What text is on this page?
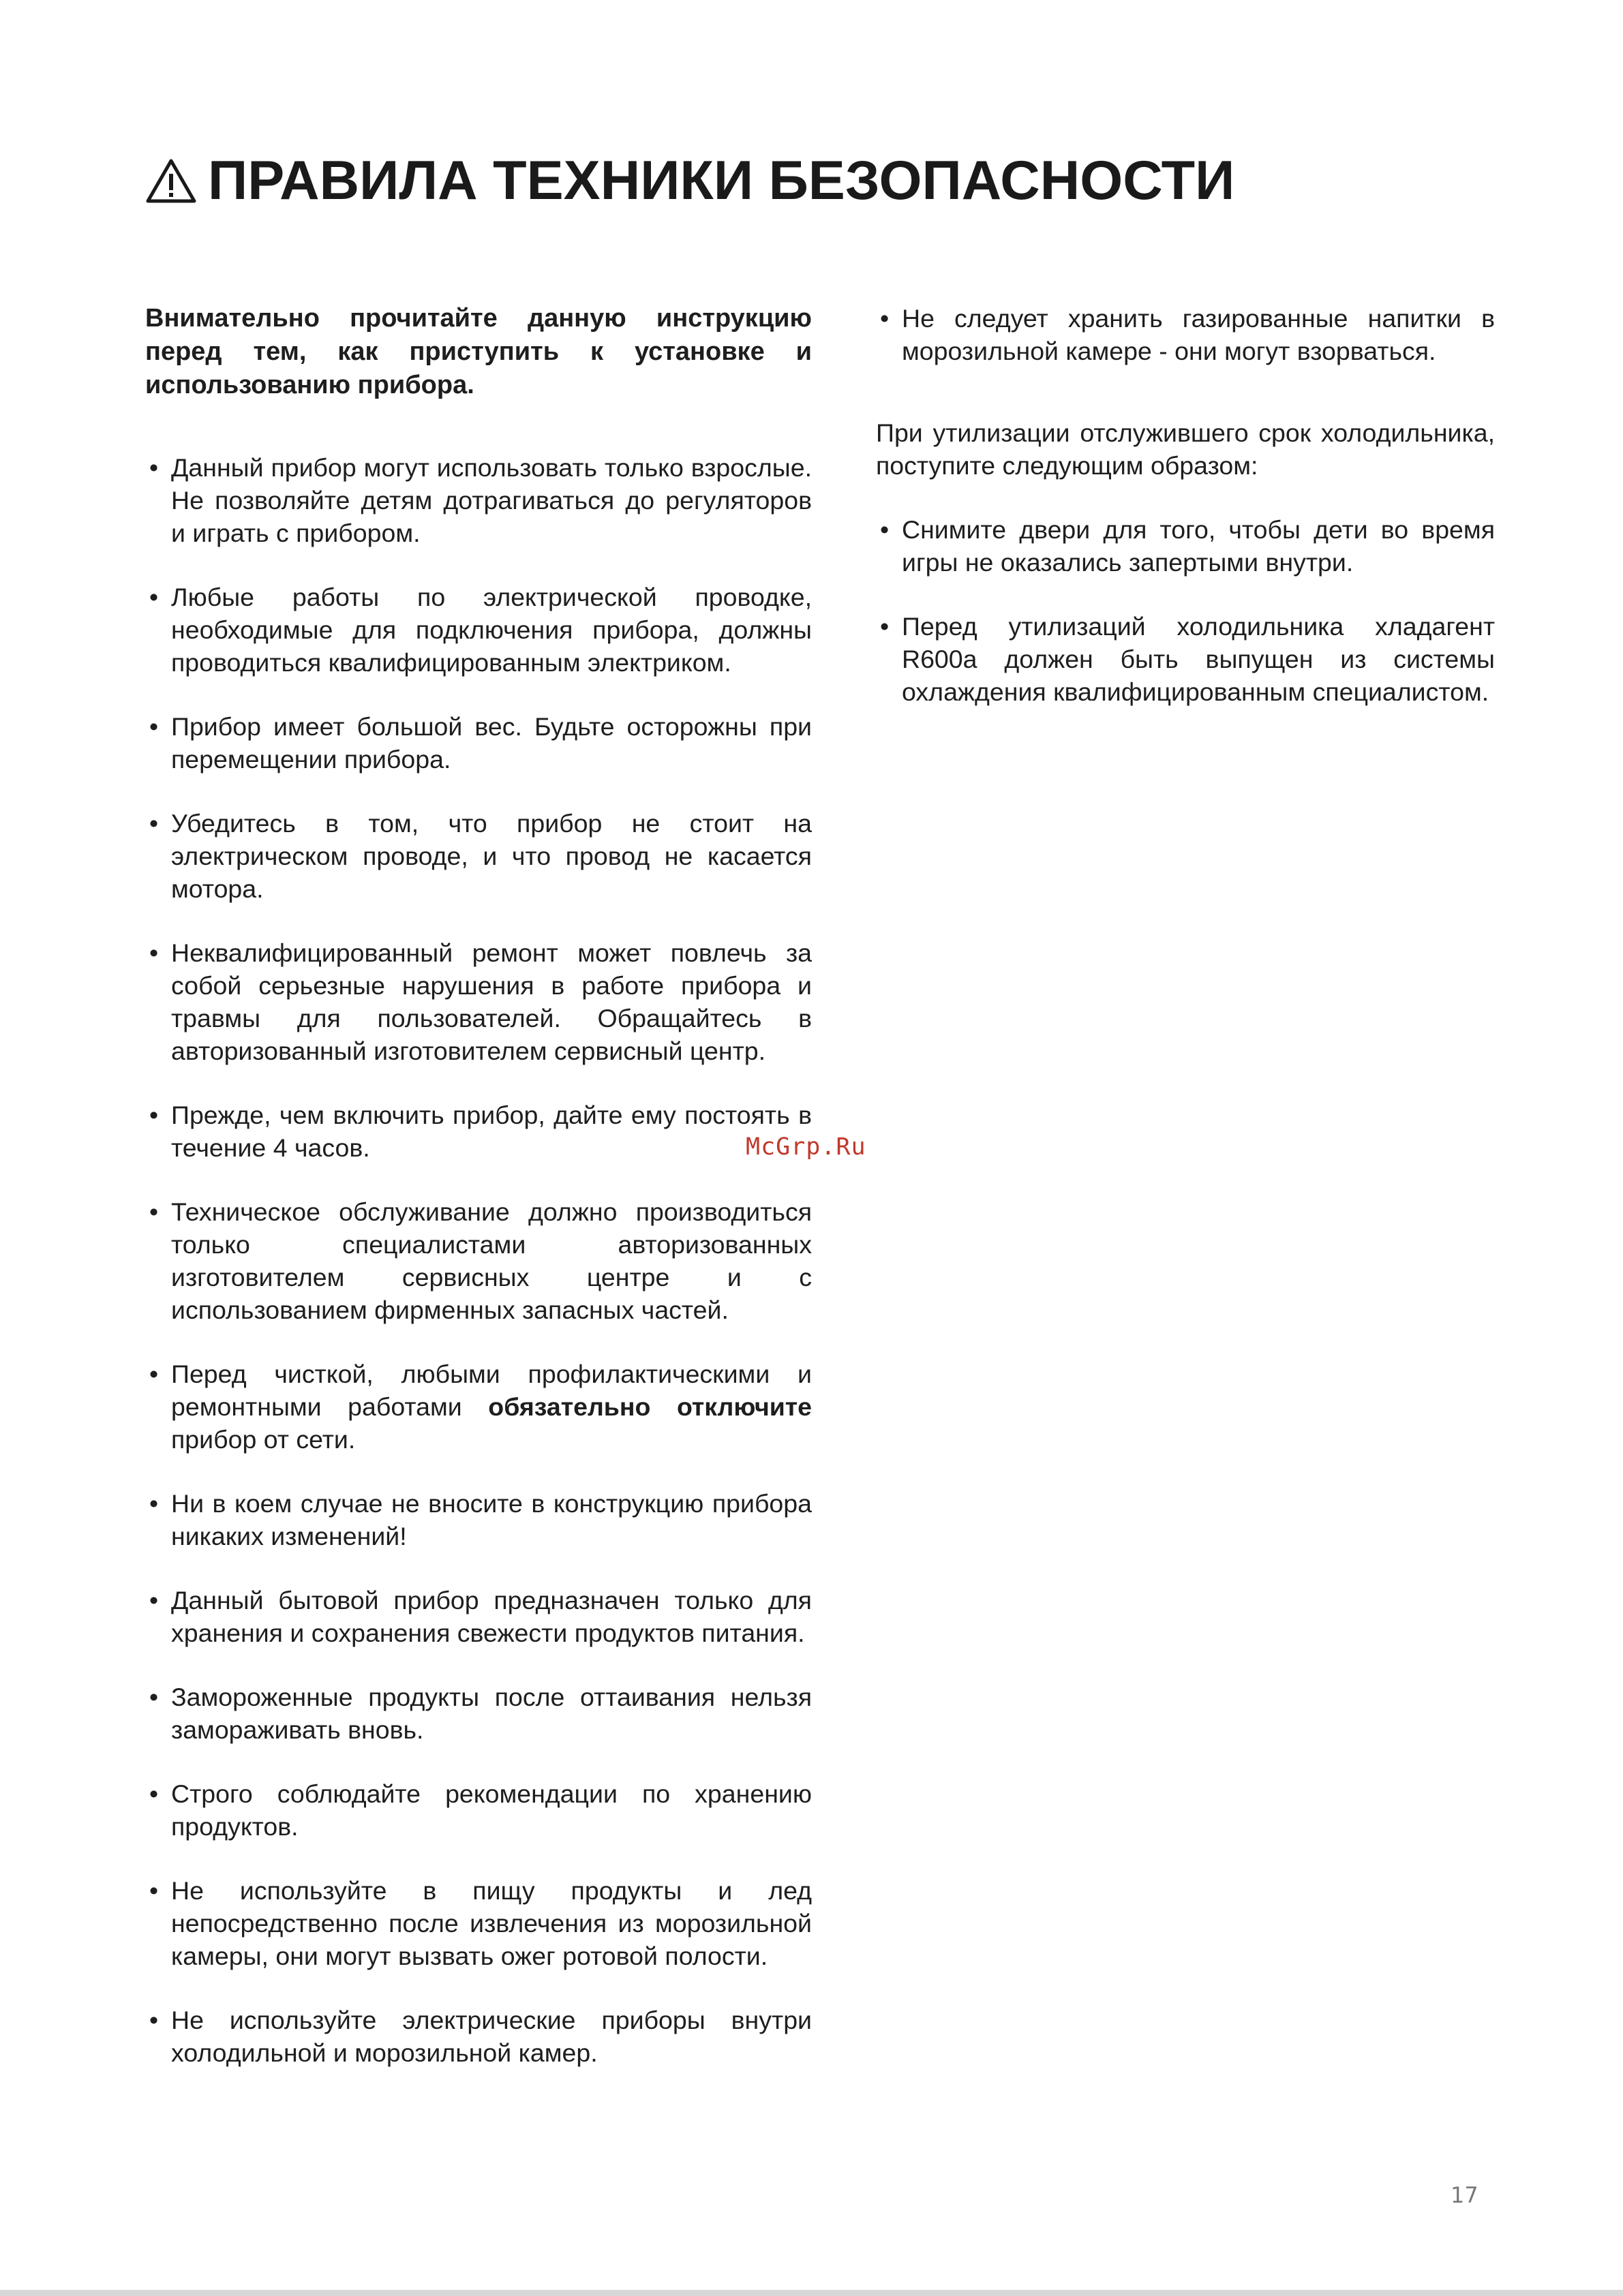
ПРАВИЛА ТЕХНИКИ БЕЗОПАСНОСТИ

Внимательно прочитайте данную инструкцию перед тем, как приступить к установке и использованию прибора.

• Данный прибор могут использовать только взрослые. Не позволяйте детям дотрагиваться до регуляторов и играть с прибором.
• Любые работы по электрической проводке, необходимые для подключения прибора, должны проводиться квалифицированным электриком.
• Прибор имеет большой вес. Будьте осторожны при перемещении прибора.
• Убедитесь в том, что прибор не стоит на электрическом проводе, и что провод не касается мотора.
• Неквалифицированный ремонт может повлечь за собой серьезные нарушения в работе прибора и травмы для пользователей. Обращайтесь в авторизованный изготовителем сервисный центр.
• Прежде, чем включить прибор, дайте ему постоять в течение 4 часов.
• Техническое обслуживание должно производиться только специалистами авторизованных изготовителем сервисных центре и с использованием фирменных запасных частей.
• Перед чисткой, любыми профилактическими и ремонтными работами обязательно отключите прибор от сети.
• Ни в коем случае не вносите в конструкцию прибора никаких изменений!
• Данный бытовой прибор предназначен только для хранения и сохранения свежести продуктов питания.
• Замороженные продукты после оттаивания нельзя замораживать вновь.
• Строго соблюдайте рекомендации по хранению продуктов.
• Не используйте в пищу продукты и лед непосредственно после извлечения из морозильной камеры, они могут вызвать ожег ротовой полости.
• Не используйте электрические приборы внутри холодильной и морозильной камер.
• Не следует хранить газированные напитки в морозильной камере - они могут взорваться.

При утилизации отслужившего срок холодильника, поступите следующим образом:

• Снимите двери для того, чтобы дети во время игры не оказались запертыми внутри.
• Перед утилизаций холодильника хладагент R600a должен быть выпущен из системы охлаждения квалифицированным специалистом.
McGrp.Ru
17
